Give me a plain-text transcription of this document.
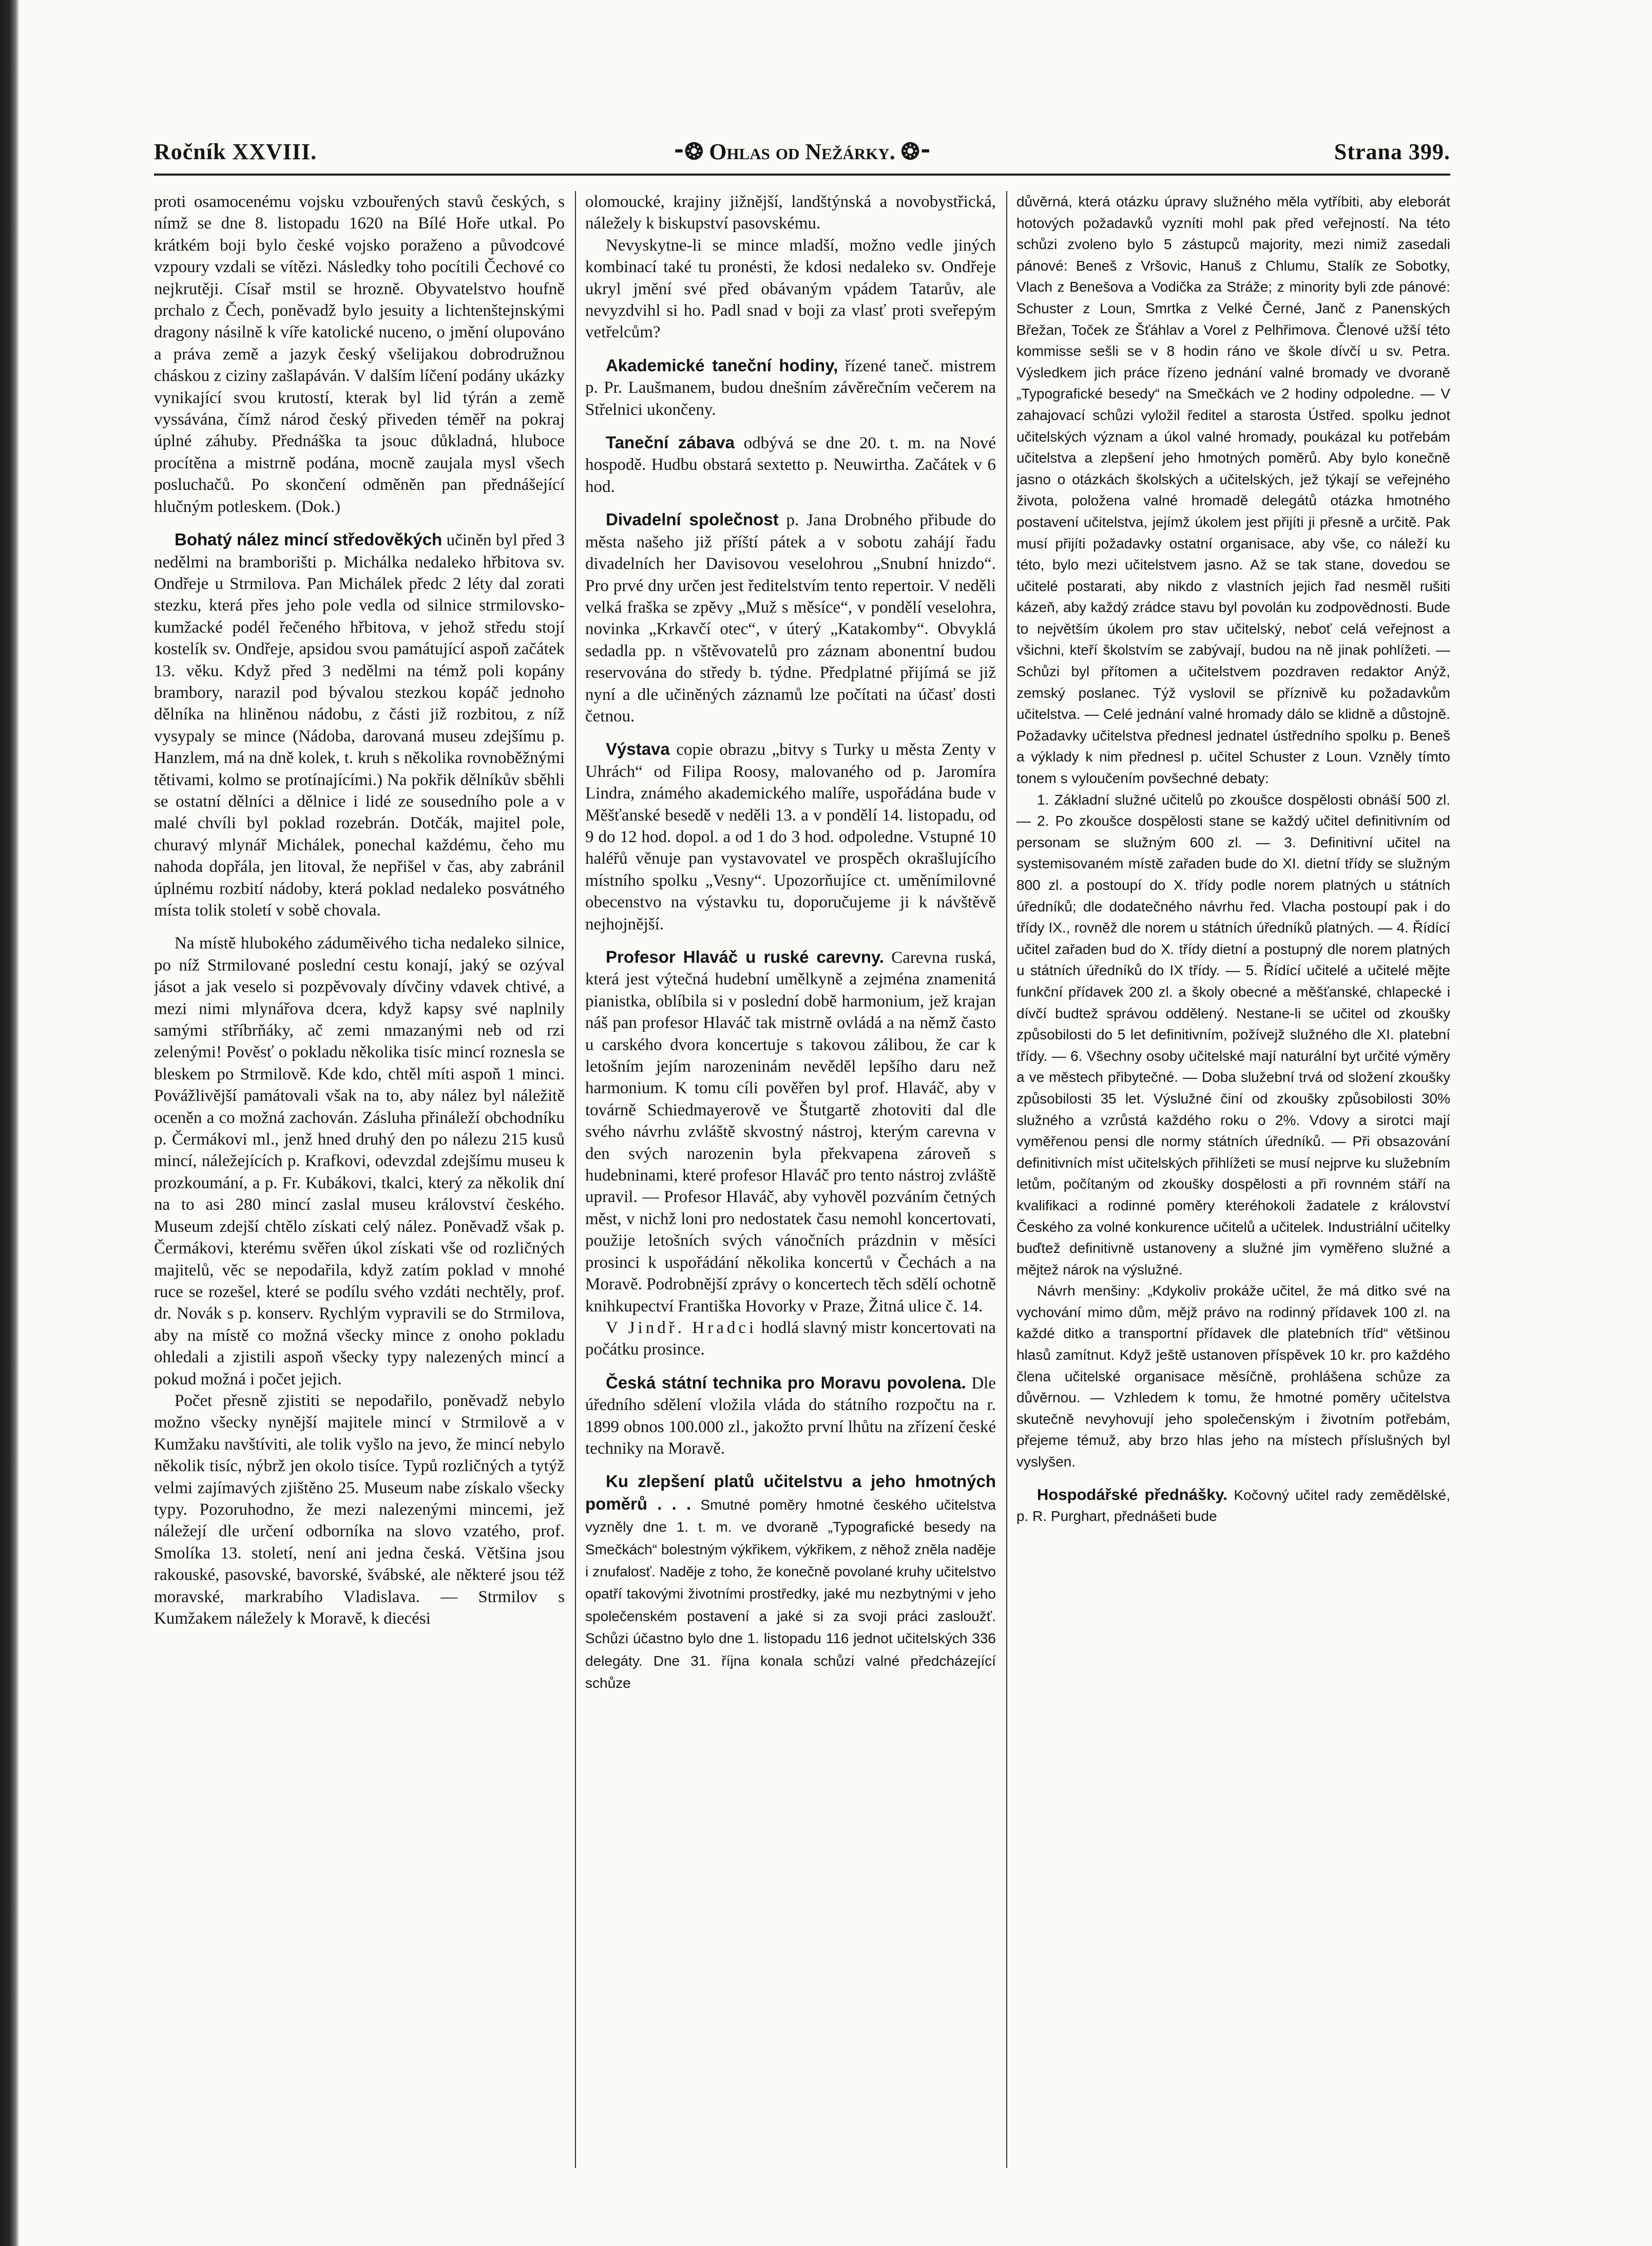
Ročník XXVIII.	⁃❂ Ohlas od Nežárky. ❂⁃	Strana 399.

proti osamocenému vojsku vzbouřených stavů českých, s nímž se dne 8. listopadu 1620 na Bílé Hoře utkal. Po krátkém boji bylo české vojsko poraženo a původcové vzpoury vzdali se vítězi. Následky toho pocítili Čechové co nejkrutěji. Císař mstil se hrozně. Obyvatelstvo houfně prchalo z Čech, poněvadž bylo jesuity a lichtenštejnskými dragony násilně k víře katolické nuceno, o jmění olupováno a práva země a jazyk český všelijakou dobrodružnou cháskou z ciziny zašlapáván. V dalším líčení podány ukázky vynikající svou krutostí, kterak byl lid týrán a země vyssávána, čímž národ český přiveden téměř na pokraj úplné záhuby. Přednáška ta jsouc důkladná, hluboce procítěna a mistrně podána, mocně zaujala mysl všech posluchačů. Po skončení odměněn pan přednášející hlučným potleskem. (Dok.)

Bohatý nález mincí středověkých učiněn byl před 3 nedělmi na bramborišti p. Michálka nedaleko hřbitova sv. Ondřeje u Strmilova. Pan Michálek předc 2 léty dal zorati stezku, která přes jeho pole vedla od silnice strmilovsko-kumžacké podél řečeného hřbitova, v jehož středu stojí kostelík sv. Ondřeje, apsidou svou památující aspoň začátek 13. věku. Když před 3 nedělmi na témž poli kopány brambory, narazil pod bývalou stezkou kopáč jednoho dělníka na hliněnou nádobu, z části již rozbitou, z níž vysypaly se mince (Nádoba, darovaná museu zdejšímu p. Hanzlem, má na dně kolek, t. kruh s několika rovnoběžnými tětivami, kolmo se protínajícími.) Na pokřik dělníkův sběhli se ostatní dělníci a dělnice i lidé ze sousedního pole a v malé chvíli byl poklad rozebrán. Dotčák, majitel pole, churavý mlynář Michálek, ponechal každému, čeho mu nahoda dopřála, jen litoval, že nepřišel v čas, aby zabránil úplnému rozbití nádoby, která poklad nedaleko posvátného místa tolik století v sobě chovala.

Na místě hlubokého záduměivého ticha nedaleko silnice, po níž Strmilované poslední cestu konají, jaký se ozýval jásot a jak veselo si pozpěvovaly dívčiny vdavek chtivé, a mezi nimi mlynářova dcera, když kapsy své naplnily samými stříbrňáky, ač zemi nmazanými neb od rzi zelenými! Pověsť o pokladu několika tisíc mincí roznesla se bleskem po Strmilově. Kde kdo, chtěl míti aspoň 1 minci. Povážlivější památovali však na to, aby nález byl náležitě oceněn a co možná zachován. Zásluha přináleží obchodníku p. Čermákovi ml., jenž hned druhý den po nálezu 215 kusů mincí, náležejících p. Krafkovi, odevzdal zdejšímu museu k prozkoumání, a p. Fr. Kubákovi, tkalci, který za několik dní na to asi 280 mincí zaslal museu království českého. Museum zdejší chtělo získati celý nález. Poněvadž však p. Čermákovi, kterému svěřen úkol získati vše od rozličných majitelů, věc se nepodařila, když zatím poklad v mnohé ruce se rozešel, které se podílu svého vzdáti nechtěly, prof. dr. Novák s p. konserv. Rychlým vypravili se do Strmilova, aby na místě co možná všecky mince z onoho pokladu ohledali a zjistili aspoň všecky typy nalezených mincí a pokud možná i počet jejich.

Počet přesně zjistiti se nepodařilo, poněvadž nebylo možno všecky nynější majitele mincí v Strmilově a v Kumžaku navštíviti, ale tolik vyšlo na jevo, že mincí nebylo několik tisíc, nýbrž jen okolo tisíce. Typů rozličných a tytýž velmi zajímavých zjištěno 25. Museum nabe získalo všecky typy. Pozoruhodno, že mezi nalezenými mincemi, jež náležejí dle určení odborníka na slovo vzatého, prof. Smolíka 13. století, není ani jedna česká. Většina jsou rakouské, pasovské, bavorské, švábské, ale některé jsou též moravské, markrabího Vladislava. — Strmilov s Kumžakem náležely k Moravě, k diecési

olomoucké, krajiny jižnější, landštýnská a novobystřická, náležely k biskupství pasovskému.

Nevyskytne-li se mince mladší, možno vedle jiných kombinací také tu pronésti, že kdosi nedaleko sv. Ondřeje ukryl jmění své před obávaným vpádem Tatarův, ale nevyzdvihl si ho. Padl snad v boji za vlasť proti sveřepým vetřelcům?

Akademické taneční hodiny, řízené taneč. mistrem p. Pr. Laušmanem, budou dnešním závěrečním večerem na Střelnici ukončeny.

Taneční zábava odbývá se dne 20. t. m. na Nové hospodě. Hudbu obstará sextetto p. Neuwirtha. Začátek v 6 hod.

Divadelní společnost p. Jana Drobného přibude do města našeho již příští pátek a v sobotu zahájí řadu divadelních her Davisovou veselohrou „Snubní hnizdo“. Pro prvé dny určen jest ředitelstvím tento repertoir. V neděli velká fraška se zpěvy „Muž s měsíce“, v pondělí veselohra, novinka „Krkavčí otec“, v úterý „Katakomby“. Obvyklá sedadla pp. n vštěvovatelů pro záznam abonentní budou reservována do středy b. týdne. Předplatné přijímá se již nyní a dle učiněných záznamů lze počítati na účasť dosti četnou.

Výstava copie obrazu „bitvy s Turky u města Zenty v Uhrách“ od Filipa Roosy, malovaného od p. Jaromíra Lindra, známého akademického malíře, uspořádána bude v Měšťanské besedě v neděli 13. a v pondělí 14. listopadu, od 9 do 12 hod. dopol. a od 1 do 3 hod. odpoledne. Vstupné 10 haléřů věnuje pan vystavovatel ve prospěch okrašlujícího místního spolku „Vesny“. Upozorňujíce ct. uměnímilovné obecenstvo na výstavku tu, doporučujeme ji k návštěvě nejhojnější.

Profesor Hlaváč u ruské carevny. Carevna ruská, která jest výtečná hudební umělkyně a zejména znamenitá pianistka, oblíbila si v poslední době harmonium, jež krajan náš pan profesor Hlaváč tak mistrně ovládá a na němž často u carského dvora koncertuje s takovou zálibou, že car k letošním jejím narozeninám nevěděl lepšího daru než harmonium. K tomu cíli pověřen byl prof. Hlaváč, aby v továrně Schiedmayerově ve Štutgartě zhotoviti dal dle svého návrhu zvláště skvostný nástroj, kterým carevna v den svých narozenin byla překvapena zároveň s hudebninami, které profesor Hlaváč pro tento nástroj zvláště upravil. — Profesor Hlaváč, aby vyhověl pozváním četných měst, v nichž loni pro nedostatek času nemohl koncertovati, použije letošních svých vánočních prázdnin v měsíci prosinci k uspořádání několika koncertů v Čechách a na Moravě. Podrobnější zprávy o koncertech těch sdělí ochotně knihkupectví Františka Hovorky v Praze, Žitná ulice č. 14.

V Jindř. Hradci hodlá slavný mistr koncertovati na počátku prosince.

Česká státní technika pro Moravu povolena. Dle úředního sdělení vložila vláda do státního rozpočtu na r. 1899 obnos 100.000 zl., jakožto první lhůtu na zřízení české techniky na Moravě.

Ku zlepšení platů učitelstvu a jeho hmotných poměrů . . . Smutné poměry hmotné českého učitelstva vyzněly dne 1. t. m. ve dvoraně „Typografické besedy na Smečkách“ bolestným výkřikem, výkřikem, z něhož zněla naděje i znufalosť. Naděje z toho, že konečně povolané kruhy učitelstvo opatří takovými životními prostředky, jaké mu nezbytnými v jeho společenském postavení a jaké si za svoji práci zasloužť. Schůzi účastno bylo dne 1. listopadu 116 jednot učitelských 336 delegáty. Dne 31. října konala schůzi valné předcházející schůze

důvěrná, která otázku úpravy služného měla vytříbiti, aby eleborát hotových požadavků vyzníti mohl pak před veřejností. Na této schůzi zvoleno bylo 5 zástupců majority, mezi nimiž zasedali pánové: Beneš z Vršovic, Hanuš z Chlumu, Stalík ze Sobotky, Vlach z Benešova a Vodička za Stráže; z minority byli zde pánové: Schuster z Loun, Smrtka z Velké Černé, Janč z Panenských Břežan, Toček ze Šťáhlav a Vorel z Pelhřimova. Členové užší této kommisse sešli se v 8 hodin ráno ve škole dívčí u sv. Petra. Výsledkem jich práce řízeno jednání valné bromady ve dvoraně „Typografické besedy“ na Smečkách ve 2 hodiny odpoledne. — V zahajovací schůzi vyložil ředitel a starosta Ústřed. spolku jednot učitelských význam a úkol valné hromady, poukázal ku potřebám učitelstva a zlepšení jeho hmotných poměrů. Aby bylo konečně jasno o otázkách školských a učitelských, jež týkají se veřejného života, položena valné hromadě delegátů otázka hmotného postavení učitelstva, jejímž úkolem jest přijíti ji přesně a určitě. Pak musí přijíti požadavky ostatní organisace, aby vše, co náleží ku této, bylo mezi učitelstvem jasno. Až se tak stane, dovedou se učitelé postarati, aby nikdo z vlastních jejich řad nesměl rušiti kázeň, aby každý zrádce stavu byl povolán ku zodpovědnosti. Bude to největším úkolem pro stav učitelský, neboť celá veřejnost a všichni, kteří školstvím se zabývají, budou na ně jinak pohlížeti. — Schůzi byl přítomen a učitelstvem pozdraven redaktor Anýž, zemský poslanec. Týž vyslovil se příznivě ku požadavkům učitelstva. — Celé jednání valné hromady dálo se klidně a důstojně. Požadavky učitelstva přednesl jednatel ústředního spolku p. Beneš a výklady k nim přednesl p. učitel Schuster z Loun. Vzněly tímto tonem s vyloučením povšechné debaty:

1. Základní služné učitelů po zkoušce dospělosti obnáší 500 zl. — 2. Po zkoušce dospělosti stane se každý učitel definitivním od personam se služným 600 zl. — 3. Definitivní učitel na systemisovaném místě zařaden bude do XI. dietní třídy se služným 800 zl. a postoupí do X. třídy podle norem platných u státních úředníků; dle dodatečného návrhu řed. Vlacha postoupí pak i do třídy IX., rovněž dle norem u státních úředníků platných. — 4. Řídící učitel zařaden bud do X. třídy dietní a postupný dle norem platných u státních úředníků do IX třídy. — 5. Řídící učitelé a učitelé mějte funkční přídavek 200 zl. a školy obecné a měšťanské, chlapecké i dívčí budtež správou oddělený. Nestane-li se učitel od zkoušky způsobilosti do 5 let definitivním, požívejž služného dle XI. platební třídy. — 6. Všechny osoby učitelské mají naturální byt určité výměry a ve městech přibytečné. — Doba služební trvá od složení zkoušky způsobilosti 35 let. Výslužné činí od zkoušky způsobilosti 30% služného a vzrůstá každého roku o 2%. Vdovy a sirotci mají vyměřenou pensi dle normy státních úředníků. — Při obsazování definitivních míst učitelských přihlížeti se musí nejprve ku služebním letům, počítaným od zkoušky dospělosti a při rovnném stáří na kvalifikaci a rodinné poměry kteréhokoli žadatele z království Českého za volné konkurence učitelů a učitelek. Industriální učitelky buďtež definitivně ustanoveny a služné jim vyměřeno služné a mějtež nárok na výslužné.

Návrh menšiny: „Kdykoliv prokáže učitel, že má ditko své na vychování mimo dům, mějž právo na rodinný přídavek 100 zl. na každé ditko a transportní přídavek dle platebních tříd“ většinou hlasů zamítnut. Když ještě ustanoven příspěvek 10 kr. pro každého člena učitelské organisace měsíčně, prohlášena schůze za důvěrnou. — Vzhledem k tomu, že hmotné poměry učitelstva skutečně nevyhovují jeho společenským i životním potřebám, přejeme témuž, aby brzo hlas jeho na místech příslušných byl vyslyšen.

Hospodářské přednášky. Kočovný učitel rady zemědělské, p. R. Purghart, přednášeti bude
